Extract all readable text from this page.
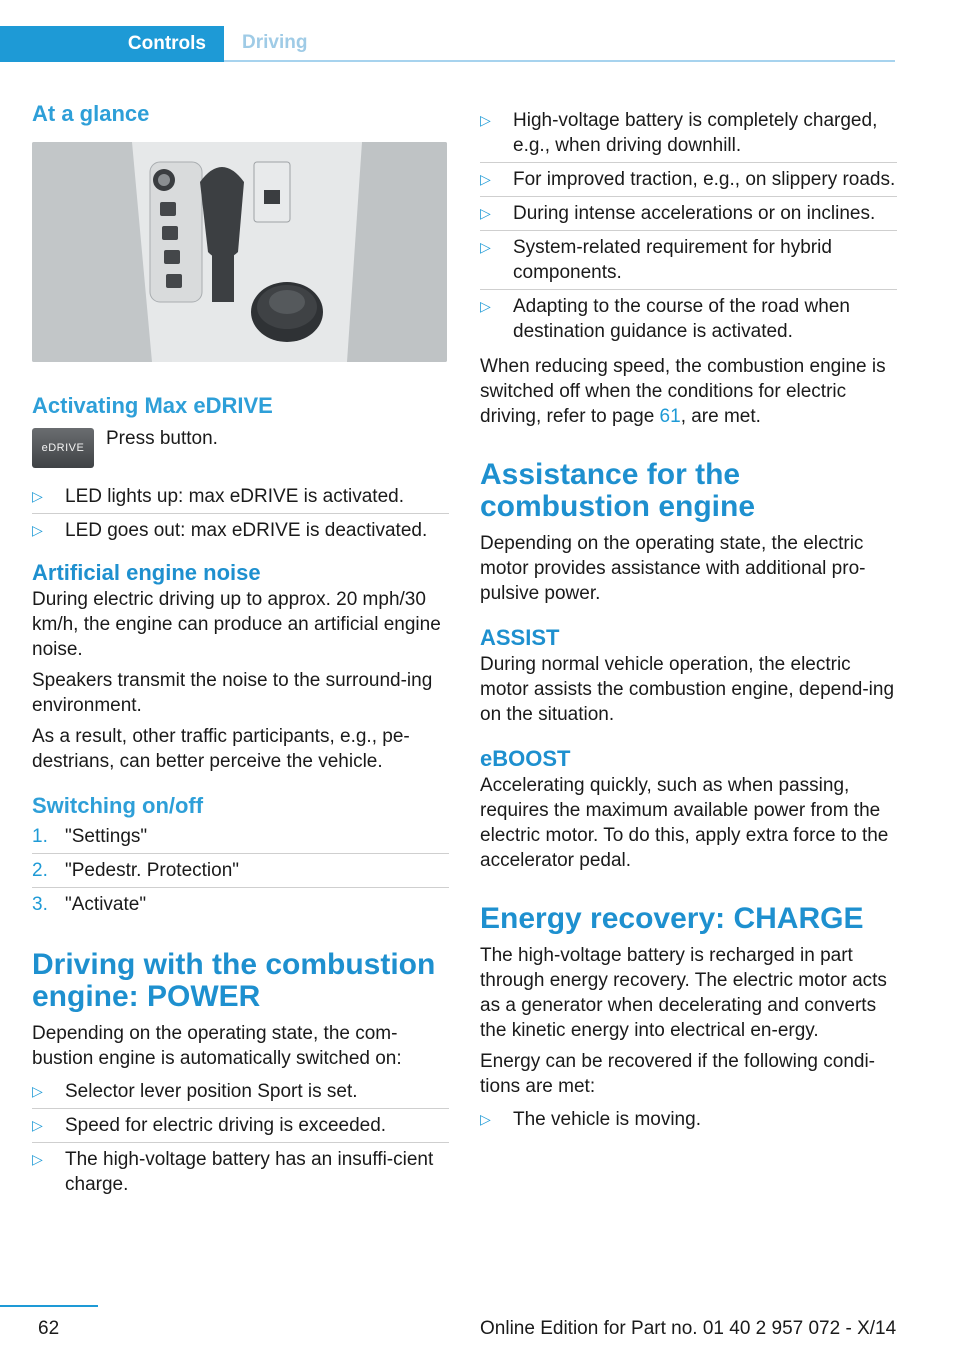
Controls	Driving
At a glance
Activating Max eDRIVE
eDRIVE	Press button.

▷ LED lights up: max eDRIVE is activated.
▷ LED goes out: max eDRIVE is deactivated.
Artificial engine noise

During electric driving up to approx. 20 mph/30 km/h, the engine can produce an artificial engine noise.

Speakers transmit the noise to the surround-ing environment.

As a result, other traffic participants, e.g., pe-destrians, can better perceive the vehicle.

Switching on/off
1. "Settings"
2. "Pedestr. Protection"
3. "Activate"
Driving with the combustion engine: POWER

Depending on the operating state, the com-bustion engine is automatically switched on:

▷ Selector lever position Sport is set.
▷ Speed for electric driving is exceeded.
▷ The high-voltage battery has an insuffi-cient charge.
▷ High-voltage battery is completely charged, e.g., when driving downhill.
▷ For improved traction, e.g., on slippery roads.
▷ During intense accelerations or on inclines.
▷ System-related requirement for hybrid components.
▷ Adapting to the course of the road when destination guidance is activated.

When reducing speed, the combustion engine is switched off when the conditions for electric driving, refer to page 61, are met.

Assistance for the combustion engine

Depending on the operating state, the electric motor provides assistance with additional pro-pulsive power.

ASSIST

During normal vehicle operation, the electric motor assists the combustion engine, depend-ing on the situation.

eBOOST

Accelerating quickly, such as when passing, requires the maximum available power from the electric motor. To do this, apply extra force to the accelerator pedal.

Energy recovery: CHARGE

The high-voltage battery is recharged in part through energy recovery. The electric motor acts as a generator when decelerating and converts the kinetic energy into electrical en-ergy.

Energy can be recovered if the following condi-tions are met:

▷ The vehicle is moving.
62	Online Edition for Part no. 01 40 2 957 072 - X/14
